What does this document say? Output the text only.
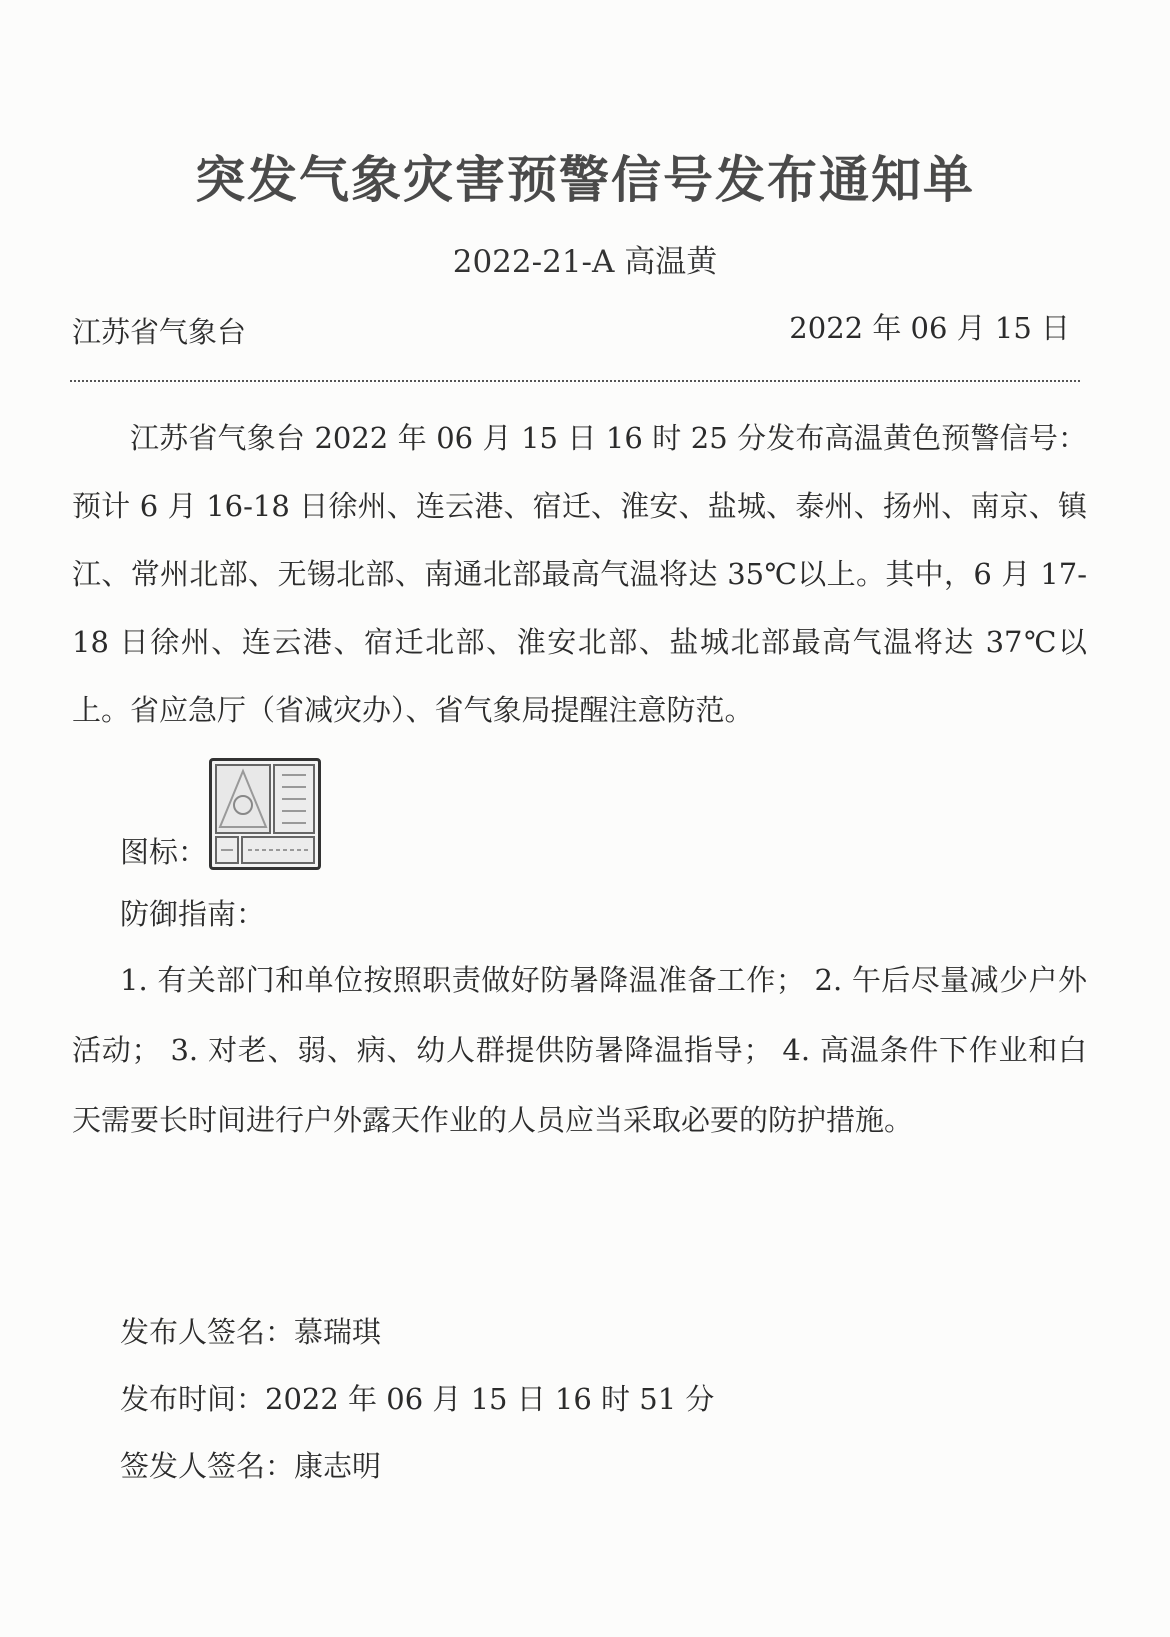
突发气象灾害预警信号发布通知单
2022-21-A 高温黄
江苏省气象台	2022 年 06 月 15 日

江苏省气象台 2022 年 06 月 15 日 16 时 25 分发布高温黄色预警信号：预计 6 月 16-18 日徐州、连云港、宿迁、淮安、盐城、泰州、扬州、南京、镇江、常州北部、无锡北部、南通北部最高气温将达 35℃以上。其中，6 月 17-18 日徐州、连云港、宿迁北部、淮安北部、盐城北部最高气温将达 37℃以上。省应急厅（省减灾办）、省气象局提醒注意防范。

图标：
防御指南：

1. 有关部门和单位按照职责做好防暑降温准备工作； 2. 午后尽量减少户外活动； 3. 对老、弱、病、幼人群提供防暑降温指导； 4. 高温条件下作业和白天需要长时间进行户外露天作业的人员应当采取必要的防护措施。

发布人签名：慕瑞琪
发布时间：2022 年 06 月 15 日 16 时 51 分
签发人签名：康志明
